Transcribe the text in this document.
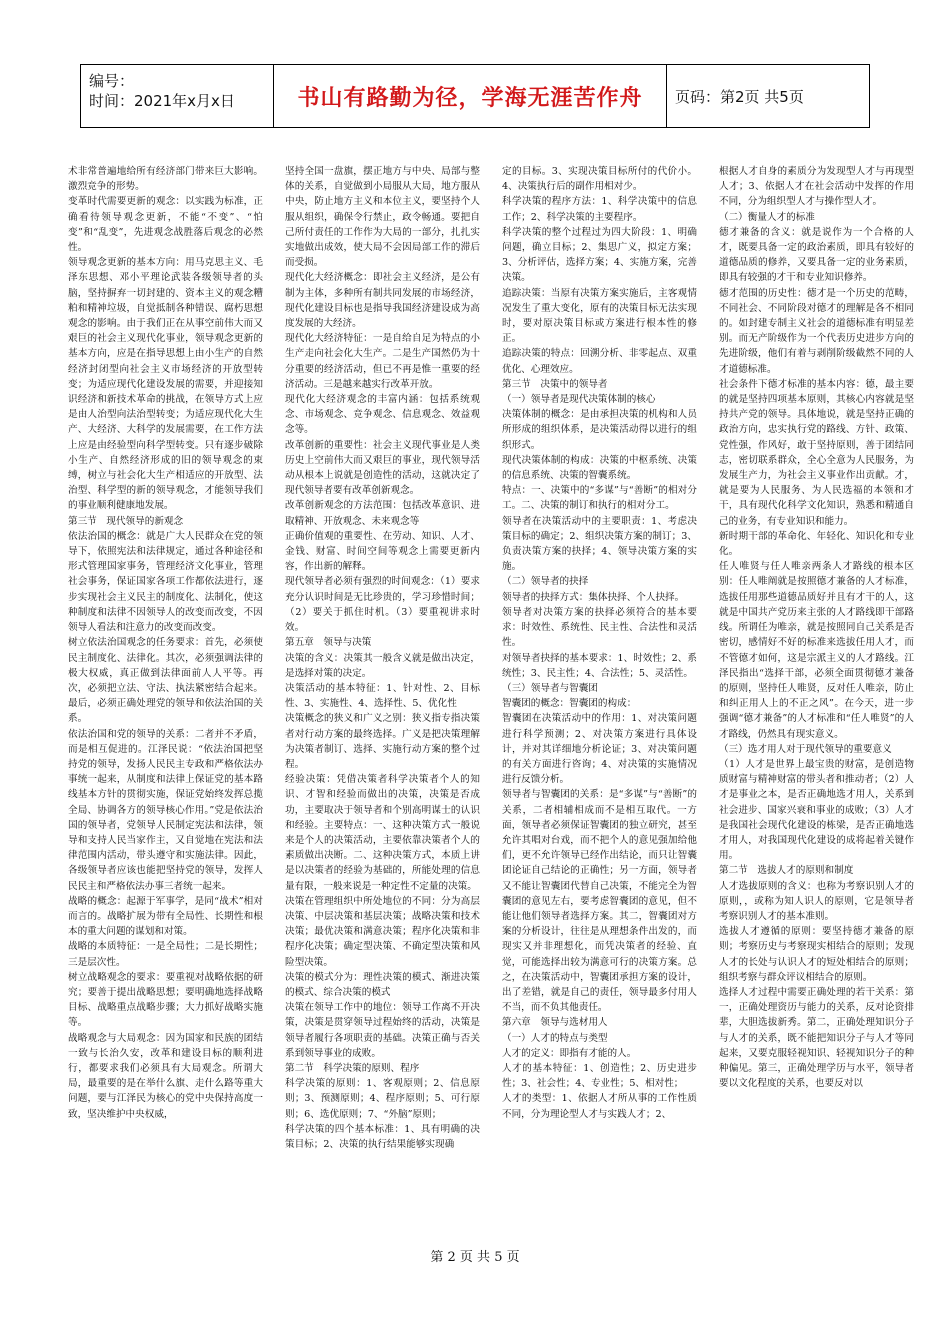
编号：
时间：2021年x月x日	书山有路勤为径，学海无涯苦作舟	页码：第2页 共5页

术非常普遍地给所有经济部门带来巨大影响。激烈竞争的形势。

变革时代需要更新的观念：以实践为标准，正确看待领导观念更新，不能“不变”、“怕变”和“乱变”，先进观念战胜落后观念的必然性。

领导观念更新的基本方向：用马克思主义、毛泽东思想、邓小平理论武装各级领导者的头脑，坚持摒弃一切封建的、资本主义的观念糟粕和精神垃圾，自觉抵制各种错误、腐朽思想观念的影响。由于我们正在从事空前伟大而又艰巨的社会主义现代化事业，领导观念更新的基本方向，应是在指导思想上由小生产的自然经济封闭型向社会主义市场经济的开放型转变；为适应现代化建设发展的需要，并迎接知识经济和新技术革命的挑战，在领导方式上应是由人治型向法治型转变；为适应现代化大生产、大经济、大科学的发展需要，在工作方法上应是由经验型向科学型转变。只有逐步破除小生产、自然经济形成的旧的领导观念的束缚，树立与社会化大生产相适应的开放型、法治型、科学型的新的领导观念，才能领导我们的事业顺利健康地发展。

第三节　现代领导的新观念

依法治国的概念：就是广大人民群众在党的领导下，依照宪法和法律规定，通过各种途径和形式管理国家事务，管理经济文化事业，管理社会事务，保证国家各项工作都依法进行，逐步实现社会主义民主的制度化、法制化，使这种制度和法律不因领导人的改变而改变，不因领导人看法和注意力的改变而改变。

树立依法治国观念的任务要求：首先，必须使民主制度化、法律化。其次，必须强调法律的极大权威，真正做到法律面前人人平等。再次，必须把立法、守法、执法紧密结合起来。最后，必须正确处理党的领导和依法治国的关系。

依法治国和党的领导的关系：二者并不矛盾，而是相互促进的。江泽民说：“依法治国把坚持党的领导，发扬人民民主专政和严格依法办事统一起来，从制度和法律上保证党的基本路线基本方针的贯彻实施，保证党始终发挥总揽全局、协调各方的领导核心作用。”党是依法治国的领导者，党领导人民制定宪法和法律，领导和支持人民当家作主，又自觉地在宪法和法律范围内活动，带头遵守和实施法律。因此，各级领导者应该也能把坚持党的领导，发挥人民民主和严格依法办事三者统一起来。

战略的概念：起源于军事学，是同“战术”相对而言的。战略扩展为带有全局性、长期性和根本的重大问题的谋划和对策。

战略的本质特征：一是全局性；二是长期性；三是层次性。

树立战略观念的要求：要重视对战略依据的研究；要善于提出战略思想；要明确地选择战略目标、战略重点战略步骤；大力抓好战略实施等。

战略观念与大局观念：因为国家和民族的团结一致与长治久安，改革和建设目标的顺利进行，都要求我们必须具有大局观念。所谓大局，最重要的是在举什么旗、走什么路等重大问题，要与江泽民为核心的党中央保持高度一致，坚决维护中央权威，

坚持全国一盘旗，摆正地方与中央、局部与整体的关系，自觉做到小局服从大局，地方服从中央，防止地方主义和本位主义，要坚持个人服从组织，确保令行禁止，政令畅通。要把自己所付责任的工作作为大局的一部分，扎扎实实地做出成效，使大局不会因局部工作的滞后而受损。

现代化大经济概念：即社会主义经济，是公有制为主体，多种所有制共同发展的市场经济，现代化建设目标也是指导我国经济建设成为高度发展的大经济。

现代化大经济特征：一是自给自足为特点的小生产走向社会化大生产。二是生产国然仍为十分重要的经济活动，但已不再是惟一重要的经济活动。三是越来越实行改革开放。

现代化大经济观念的丰富内涵：包括系统观念、市场观念、竞争观念、信息观念、效益观念等。

改革创新的重要性：社会主义现代事业是人类历史上空前伟大而又艰巨的事业，现代领导活动从根本上说就是创造性的活动，这就决定了现代领导者要有改革创新观念。

改革创新观念的方法范围：包括改革意识、进取精神、开放观念、未来观念等

正确价值观的重要性、在劳动、知识、人才、金钱、财富、时间空间等观念上需要更新内容，作出新的解释。

现代领导者必须有强烈的时间观念：（1）要求充分认识时间是无比珍贵的，学习珍惜时间；（2）要关于抓住时机。（3）要重视讲求时效。

第五章　领导与决策

决策的含义：决策其一般含义就是做出决定，是选择对策的决定。

决策活动的基本特征：1、针对性、2、目标性、3、实施性、4、选择性、5、优化性

决策概念的狭义和广义之别：狭义指专指决策者对行动方案的最终选择。广义是把决策理解为决策者制订、选择、实施行动方案的整个过程。

经验决策：凭借决策者科学决策者个人的知识、才智和经验而做出的决策，决策是否成功，主要取决于领导者和个别高明谋士的认识和经验。主要特点：一、这种决策方式一般说来是个人的决策活动，主要依靠决策者个人的素质做出决断。二、这种决策方式，本质上讲是以决策者的经验为基础的，所能处理的信息量有限，一般来说是一种定性不定量的决策。

决策在管理组织中所处地位的不同：分为高层决策、中层决策和基层决策；战略决策和技术决策；最优决策和满意决策；程序化决策和非程序化决策；确定型决策、不确定型决策和风险型决策。

决策的模式分为：理性决策的模式、渐进决策的模式、综合决策的模式

决策在领导工作中的地位：领导工作离不开决策，决策是贯穿领导过程始终的活动，决策是领导者履行各项职责的基础。决策正确与否关系到领导事业的成败。

第二节　科学决策的原则、程序

科学决策的原则：1、客观原则；2、信息原则；3、预测原则；4、程序原则；5、可行原则；6、选优原则；7、“外脑”原则；

科学决策的四个基本标准：1、具有明确的决策目标；2、决策的执行结果能够实现确

定的目标。3、实现决策目标所付的代价小。4、决策执行后的副作用相对少。

科学决策的程序方法：1、科学决策中的信息工作；2、科学决策的主要程序。

科学决策的整个过程过为四大阶段：1、明确问题，确立目标；2、集思广义，拟定方案；3、分析评估，选择方案；4、实施方案，完善决策。

追踪决策：当原有决策方案实施后，主客观情况发生了重大变化，原有的决策目标无法实现时，要对原决策目标或方案进行根本性的修正。

追踪决策的特点：回溯分析、非零起点、双重优化、心理效应。

第三节　决策中的领导者

（一）领导者是现代决策体制的核心

决策体制的概念：是由承担决策的机构和人员所形成的组织体系，是决策活动得以进行的组织形式。

现代决策体制的构成：决策的中枢系统、决策的信息系统、决策的智囊系统。

特点：一、决策中的“多谋”与“善断”的相对分工。二、决策的制订和执行的相对分工。

领导者在决策活动中的主要职责：1、考虑决策目标的确定；2、组织决策方案的制订；3、负责决策方案的抉择；4、领导决策方案的实施。

（二）领导者的抉择

领导者的抉择方式：集体抉择、个人抉择。

领导者对决策方案的抉择必须符合的基本要求：时效性、系统性、民主性、合法性和灵活性。

对领导者抉择的基本要求：1、时效性；2、系统性；3、民主性；4、合法性；5、灵活性。

（三）领导者与智囊团

智囊团的概念：智囊团的构成：

智囊团在决策活动中的作用：1、对决策问题进行科学预测；2、对决策方案进行具体设计，并对其详细地分析论证；3、对决策问题的有关方面进行咨询；4、对决策的实施情况进行反馈分析。

领导者与智囊团的关系：是“多谋”与“善断”的关系，二者相辅相成而不是相互取代。一方面，领导者必须保证智囊团的独立研究，甚至允许其唱对台戏，而不把个人的意见强加给他们，更不允许领导已经作出结论，而只让智囊团论证自己结论的正确性；另一方面，领导者又不能让智囊团代替自己决策，不能完全为智囊团的意见左右，要考虑智囊团的意见，但不能让他们领导者选择方案。其二，智囊团对方案的分析设计，往往是从理想条件出发的，而现实又并非理想化，而凭决策者的经验、直觉，可能选择出较为满意可行的决策方案。总之，在决策活动中，智囊团承担方案的设计，出了差错，就是自己的责任，领导最多付用人不当，而不负其他责任。

第六章　领导与选材用人

（一）人才的特点与类型

人才的定义：即指有才能的人。

人才的基本特征：1、创造性；2、历史进步性；3、社会性；4、专业性；5、相对性；

人才的类型：1、依据人才所从事的工作性质不同，分为理论型人才与实践人才；2、

根据人才自身的素质分为发现型人才与再现型人才；3、依据人才在社会活动中发挥的作用不同，分为组织型人才与操作型人才。

（二）衡量人才的标准

德才兼备的含义：就是说作为一个合格的人才，既要具备一定的政治素质，即具有较好的道德品质的修养，又要具备一定的业务素质，即具有较强的才干和专业知识修养。

德才范围的历史性：德才是一个历史的范畴，不同社会、不同阶段对德才的理解是各不相同的。如封建专制主义社会的道德标准有明显差别。而无产阶级作为一个代表历史进步方向的先进阶级，他们有着与剥削阶级截然不同的人才道德标准。

社会条件下德才标准的基本内容：德，最主要的就是坚持四项基本原则，其核心内容就是坚持共产党的领导。具体地说，就是坚持正确的政治方向，忠实执行党的路线、方针、政策、党性强，作风好，敢于坚持原则，善于团结同志，密切联系群众，全心全意为人民服务，为发展生产力，为社会主义事业作出贡献。才，就是要为人民服务、为人民选福的本领和才干，具有现代化科学文化知识，熟悉和精通自己的业务，有专业知识和能力。

新时期干部的革命化、年轻化、知识化和专业化。

任人唯贤与任人唯亲两条人才路线的根本区别：任人唯阐就是按照德才兼备的人才标准，选拔任用那些道德品质好并且有才干的人，这就是中国共产党历来主张的人才路线即干部路线。所谓任为唯亲，就是按照同自己关系是否密切，感情好不好的标准来选拔任用人才，而不管德才如何，这是宗派主义的人才路线。江泽民指出“选择干部，必须全面贯彻德才兼备的原则，坚持任人唯贤，反对任人唯亲，防止和纠正用人上的不正之风”。在今天，进一步强调“德才兼备”的人才标准和“任人唯贤”的人才路线，仍然具有现实意义。

（三）选才用人对于现代领导的重要意义

（1）人才是世界上最宝贵的财富，是创造物质财富与精神财富的带头者和推动者；（2）人才是事业之本，是否正确地选才用人，关系到社会进步、国家兴衰和事业的成败；（3）人才是我国社会现代化建设的栋梁，是否正确地选才用人，对我国现代化建设的成将起着关键作用。

第二节　选拔人才的原则和制度

人才选拔原则的含义：也称为考察识别人才的原则，，或称为知人识人的原则，它是领导者考察识别人才的基本准则。

选拔人才遵循的原则：要坚持德才兼备的原则；考察历史与考察现实相结合的原则；发现人才的长处与认识人才的短处相结合的原则；组织考察与群众评议相结合的原则。

选择人才过程中需要正确处理的若干关系：第一，正确处理资历与能力的关系，反对论资排辈，大胆选拔新秀。第二，正确处理知识分子与人才的关系，既不能把知识分子与人才等同起来，又要克服轻视知识、轻视知识分子的种种偏见。第三，正确处理学历与水平，领导者要以文化程度的关系，也要反对以

第 2 页 共 5 页
